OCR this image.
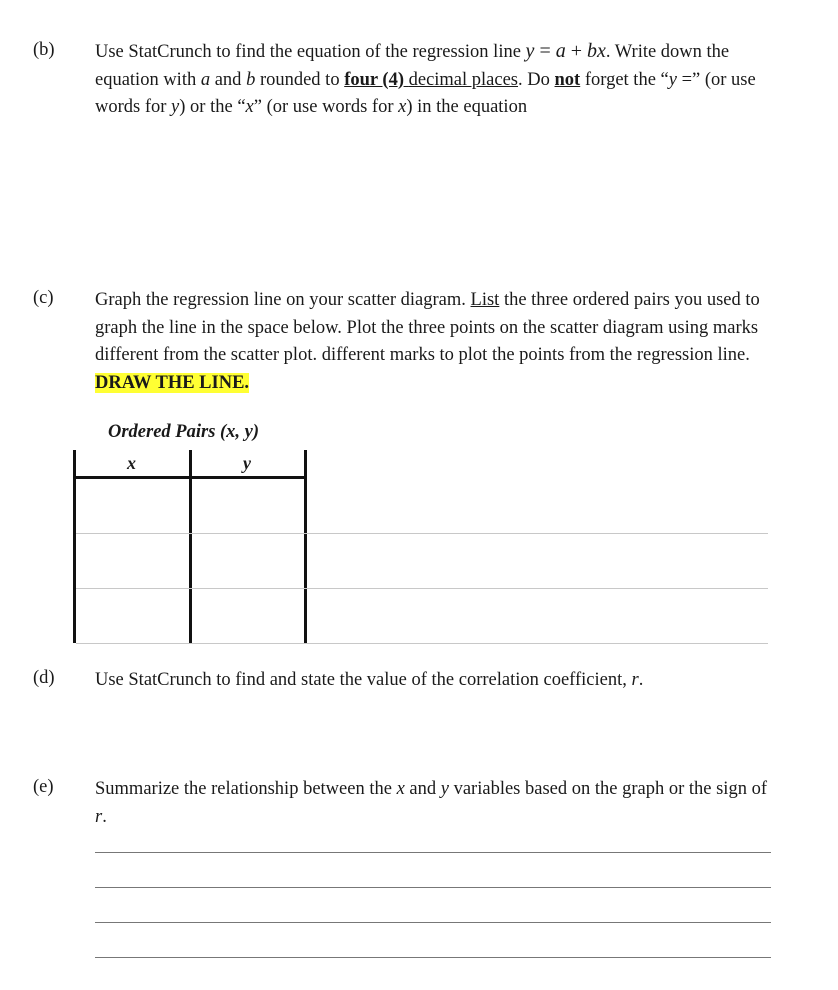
(b) Use StatCrunch to find the equation of the regression line y = a + bx. Write down the equation with a and b rounded to four (4) decimal places. Do not forget the “y =” (or use words for y) or the “x” (or use words for x) in the equation
(c) Graph the regression line on your scatter diagram. List the three ordered pairs you used to graph the line in the space below. Plot the three points on the scatter diagram using marks different from the scatter plot. different marks to plot the points from the regression line. DRAW THE LINE.
Ordered Pairs (x, y)
x	y
(d) Use StatCrunch to find and state the value of the correlation coefficient, r.
(e) Summarize the relationship between the x and y variables based on the graph or the sign of r.
